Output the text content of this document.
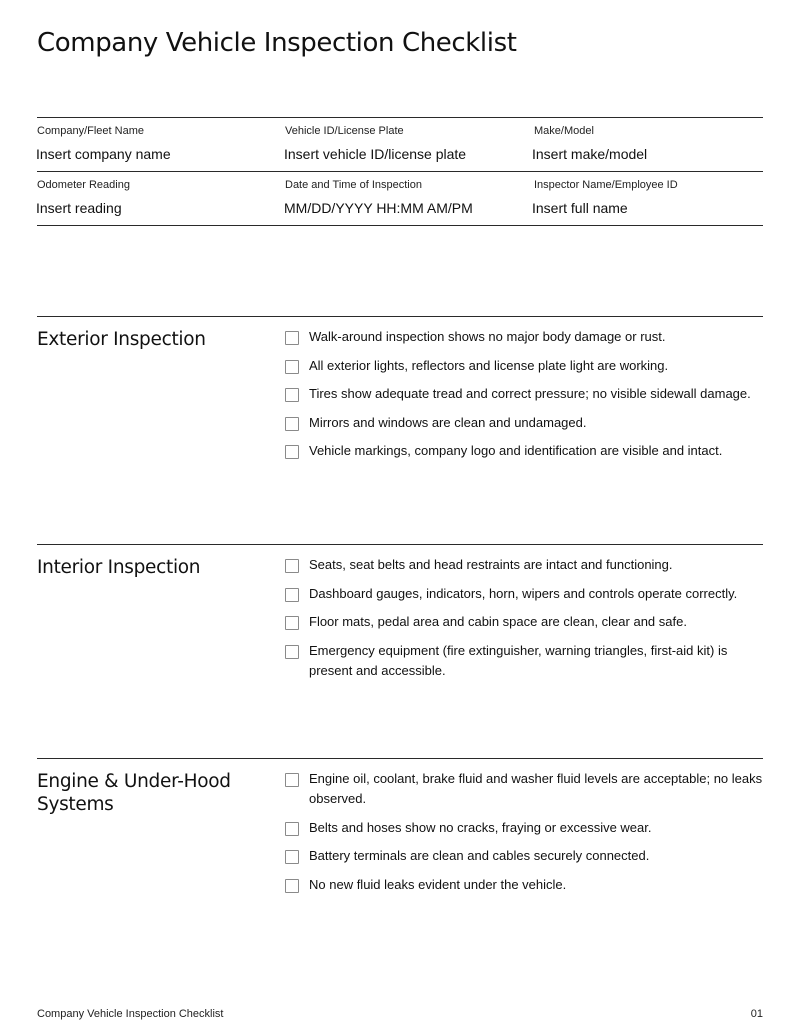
Company Vehicle Inspection Checklist
Company/Fleet Name
Insert company name
Vehicle ID/License Plate
Insert vehicle ID/license plate
Make/Model
Insert make/model
Odometer Reading
Insert reading
Date and Time of Inspection
MM/DD/YYYY HH:MM AM/PM
Inspector Name/Employee ID
Insert full name
Exterior Inspection	Walk-around inspection shows no major body damage or rust.
All exterior lights, reflectors and license plate light are working.
Tires show adequate tread and correct pressure; no visible sidewall damage.
Mirrors and windows are clean and undamaged.
Vehicle markings, company logo and identification are visible and intact.
Interior Inspection	Seats, seat belts and head restraints are intact and functioning.
Dashboard gauges, indicators, horn, wipers and controls operate correctly.
Floor mats, pedal area and cabin space are clean, clear and safe.
Emergency equipment (fire extinguisher, warning triangles, first-aid kit) is present and accessible.
Engine & Under-Hood Systems
Engine oil, coolant, brake fluid and washer fluid levels are acceptable; no leaks observed.
Belts and hoses show no cracks, fraying or excessive wear.
Battery terminals are clean and cables securely connected.
No new fluid leaks evident under the vehicle.
Company Vehicle Inspection Checklist	01
